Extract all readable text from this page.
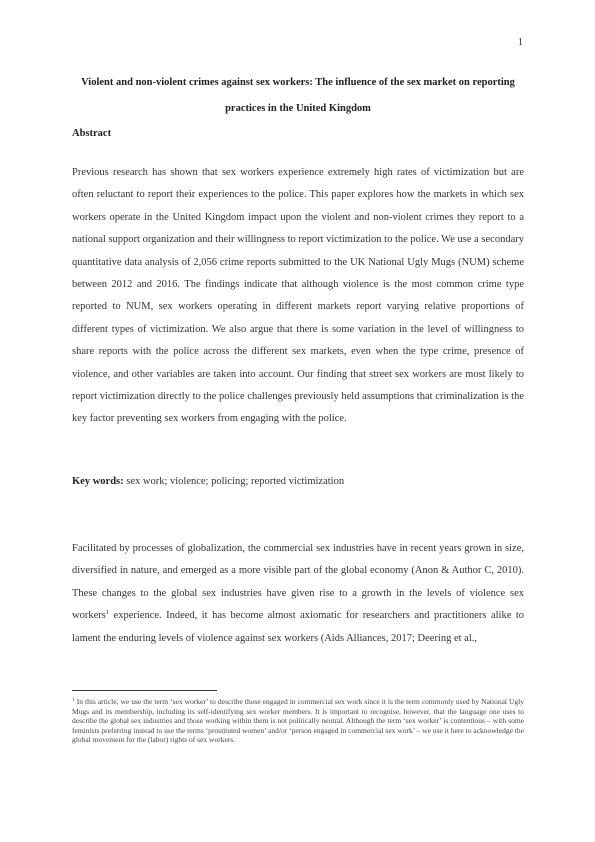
1
Violent and non-violent crimes against sex workers: The influence of the sex market on reporting practices in the United Kingdom
Abstract
Previous research has shown that sex workers experience extremely high rates of victimization but are often reluctant to report their experiences to the police. This paper explores how the markets in which sex workers operate in the United Kingdom impact upon the violent and non-violent crimes they report to a national support organization and their willingness to report victimization to the police. We use a secondary quantitative data analysis of 2,056 crime reports submitted to the UK National Ugly Mugs (NUM) scheme between 2012 and 2016. The findings indicate that although violence is the most common crime type reported to NUM, sex workers operating in different markets report varying relative proportions of different types of victimization. We also argue that there is some variation in the level of willingness to share reports with the police across the different sex markets, even when the type crime, presence of violence, and other variables are taken into account. Our finding that street sex workers are most likely to report victimization directly to the police challenges previously held assumptions that criminalization is the key factor preventing sex workers from engaging with the police.
Key words: sex work; violence; policing; reported victimization
Facilitated by processes of globalization, the commercial sex industries have in recent years grown in size, diversified in nature, and emerged as a more visible part of the global economy (Anon & Author C, 2010). These changes to the global sex industries have given rise to a growth in the levels of violence sex workers$^1$ experience. Indeed, it has become almost axiomatic for researchers and practitioners alike to lament the enduring levels of violence against sex workers (Aids Alliances, 2017; Deering et al.,
$^1$ In this article, we use the term ‘sex worker’ to describe those engaged in commercial sex work since it is the term commonly used by National Ugly Mugs and its membership, including its self-identifying sex worker members. It is important to recognise, however, that the language one uses to describe the global sex industries and those working within them is not politically neutral. Although the term ‘sex worker’ is contentious – with some feminists preferring instead to use the terms ‘prostituted women’ and/or ‘person engaged in commercial sex work’ – we use it here to acknowledge the global movement for the (labor) rights of sex workers.
